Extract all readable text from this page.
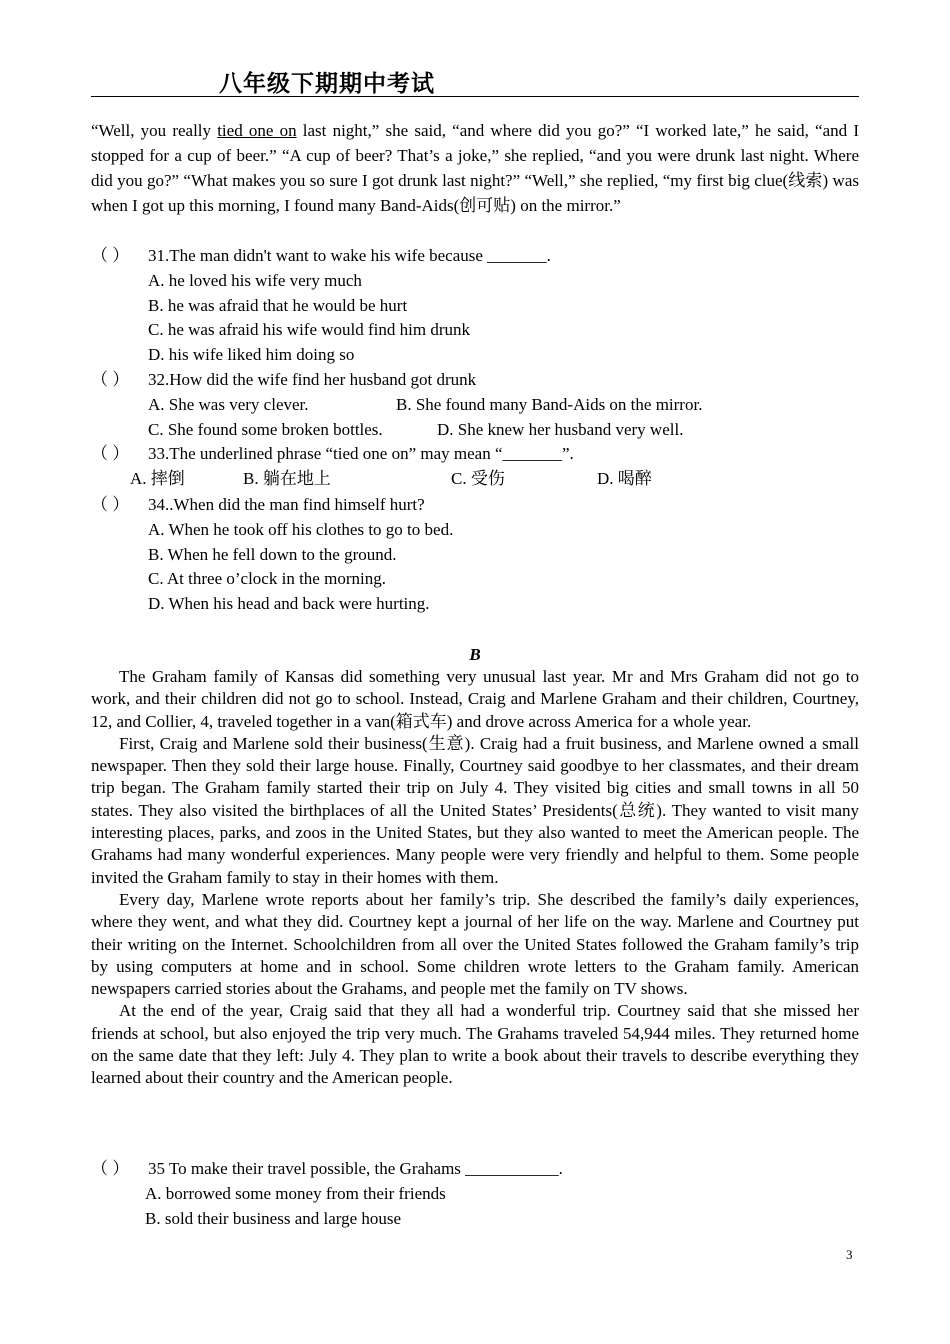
八年级下期期中考试
“Well, you really tied one on last night,” she said, “and where did you go?” “I worked late,” he said, “and I stopped for a cup of beer.” “A cup of beer? That’s a joke,” she replied, “and you were drunk last night. Where did you go?” “What makes you so sure I got drunk last night?” “Well,” she replied, “my first big clue(线索) was when I got up this morning, I found many Band-Aids(创可贴) on the mirror.”
（ ） 31.The man didn't want to wake his wife because _______.
A. he loved his wife very much
B. he was afraid that he would be hurt
C. he was afraid his wife would find him drunk
D. his wife liked him doing so
（ ） 32.How did the wife find her husband got drunk
A. She was very clever.	B. She found many Band-Aids on the mirror.
C. She found some broken bottles.	D. She knew her husband very well.
（ ） 33.The underlined phrase “tied one on” may mean “_______”.
A. 摔倒	B. 躺在地上	C. 受伤	D. 喝醉
（ ） 34..When did the man find himself hurt?
A. When he took off his clothes to go to bed.
B. When he fell down to the ground.
C. At three o’clock in the morning.
D. When his head and back were hurting.
B

The Graham family of Kansas did something very unusual last year. Mr and Mrs Graham did not go to work, and their children did not go to school. Instead, Craig and Marlene Graham and their children, Courtney, 12, and Collier, 4, traveled together in a van(箱式车) and drove across America for a whole year.

First, Craig and Marlene sold their business(生意). Craig had a fruit business, and Marlene owned a small newspaper. Then they sold their large house. Finally, Courtney said goodbye to her classmates, and their dream trip began. The Graham family started their trip on July 4. They visited big cities and small towns in all 50 states. They also visited the birthplaces of all the United States’ Presidents(总统). They wanted to visit many interesting places, parks, and zoos in the United States, but they also wanted to meet the American people. The Grahams had many wonderful experiences. Many people were very friendly and helpful to them. Some people invited the Graham family to stay in their homes with them.

Every day, Marlene wrote reports about her family’s trip. She described the family’s daily experiences, where they went, and what they did. Courtney kept a journal of her life on the way. Marlene and Courtney put their writing on the Internet. Schoolchildren from all over the United States followed the Graham family’s trip by using computers at home and in school. Some children wrote letters to the Graham family. American newspapers carried stories about the Grahams, and people met the family on TV shows.

At the end of the year, Craig said that they all had a wonderful trip. Courtney said that she missed her friends at school, but also enjoyed the trip very much. The Grahams traveled 54,944 miles. They returned home on the same date that they left: July 4. They plan to write a book about their travels to describe everything they learned about their country and the American people.

（ ） 35 To make their travel possible, the Grahams ___________.
A. borrowed some money from their friends
B. sold their business and large house
3
